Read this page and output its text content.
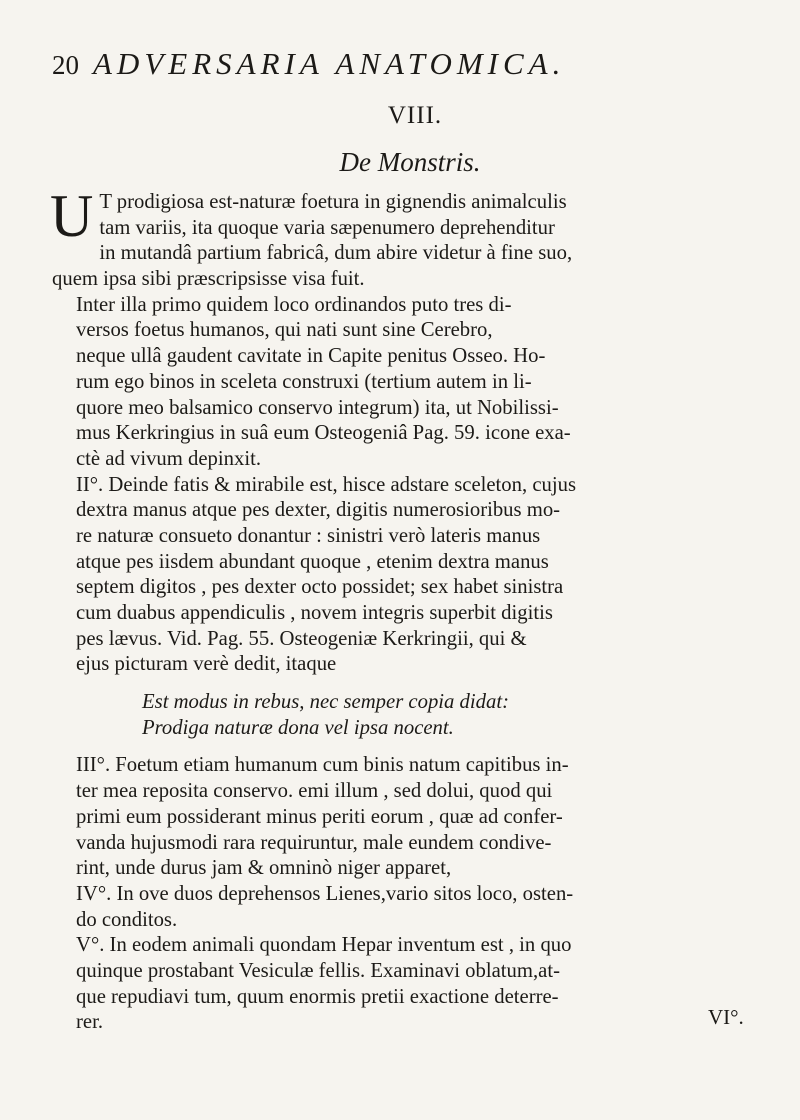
20 ADVERSARIA ANATOMICA.
VIII.
De Monstris.
U T prodigiosa est-naturæ foetura in gignendis animalculis
tam variis, ita quoque varia sæpenumero deprehenditur
in mutandâ partium fabricâ, dum abire videtur à fine suo,
quem ipsa sibi præscripsisse visa fuit.
Inter illa primo quidem loco ordinandos puto tres di-
versos foetus humanos, qui nati sunt sine Cerebro,
neque ullâ gaudent cavitate in Capite penitus Osseo. Ho-
rum ego binos in sceleta construxi (tertium autem in li-
quore meo balsamico conservo integrum) ita, ut Nobilissi-
mus Kerkringius in suâ eum Osteogeniâ Pag. 59. icone exa-
ctè ad vivum depinxit.
II°. Deinde fatis & mirabile est, hisce adstare sceleton, cujus
dextra manus atque pes dexter, digitis numerosioribus mo-
re naturæ consueto donantur : sinistri verò lateris manus
atque pes iisdem abundant quoque , etenim dextra manus
septem digitos , pes dexter octo possidet; sex habet sinistra
cum duabus appendiculis , novem integris superbit digitis
pes lævus. Vid. Pag. 55. Osteogeniæ Kerkringii, qui &
ejus picturam verè dedit, itaque
Est modus in rebus, nec semper copia didat:
Prodiga naturæ dona vel ipsa nocent.
III°. Foetum etiam humanum cum binis natum capitibus in-
ter mea reposita conservo. emi illum , sed dolui, quod qui
primi eum possiderant minus periti eorum , quæ ad confer-
vanda hujusmodi rara requiruntur, male eundem condive-
rint, unde durus jam & omninò niger apparet,
IV°. In ove duos deprehensos Lienes,vario sitos loco, osten-
do conditos.
V°. In eodem animali quondam Hepar inventum est , in quo
quinque prostabant Vesiculæ fellis. Examinavi oblatum,at-
que repudiavi tum, quum enormis pretii exactione deterre-
rer.	VI°.
